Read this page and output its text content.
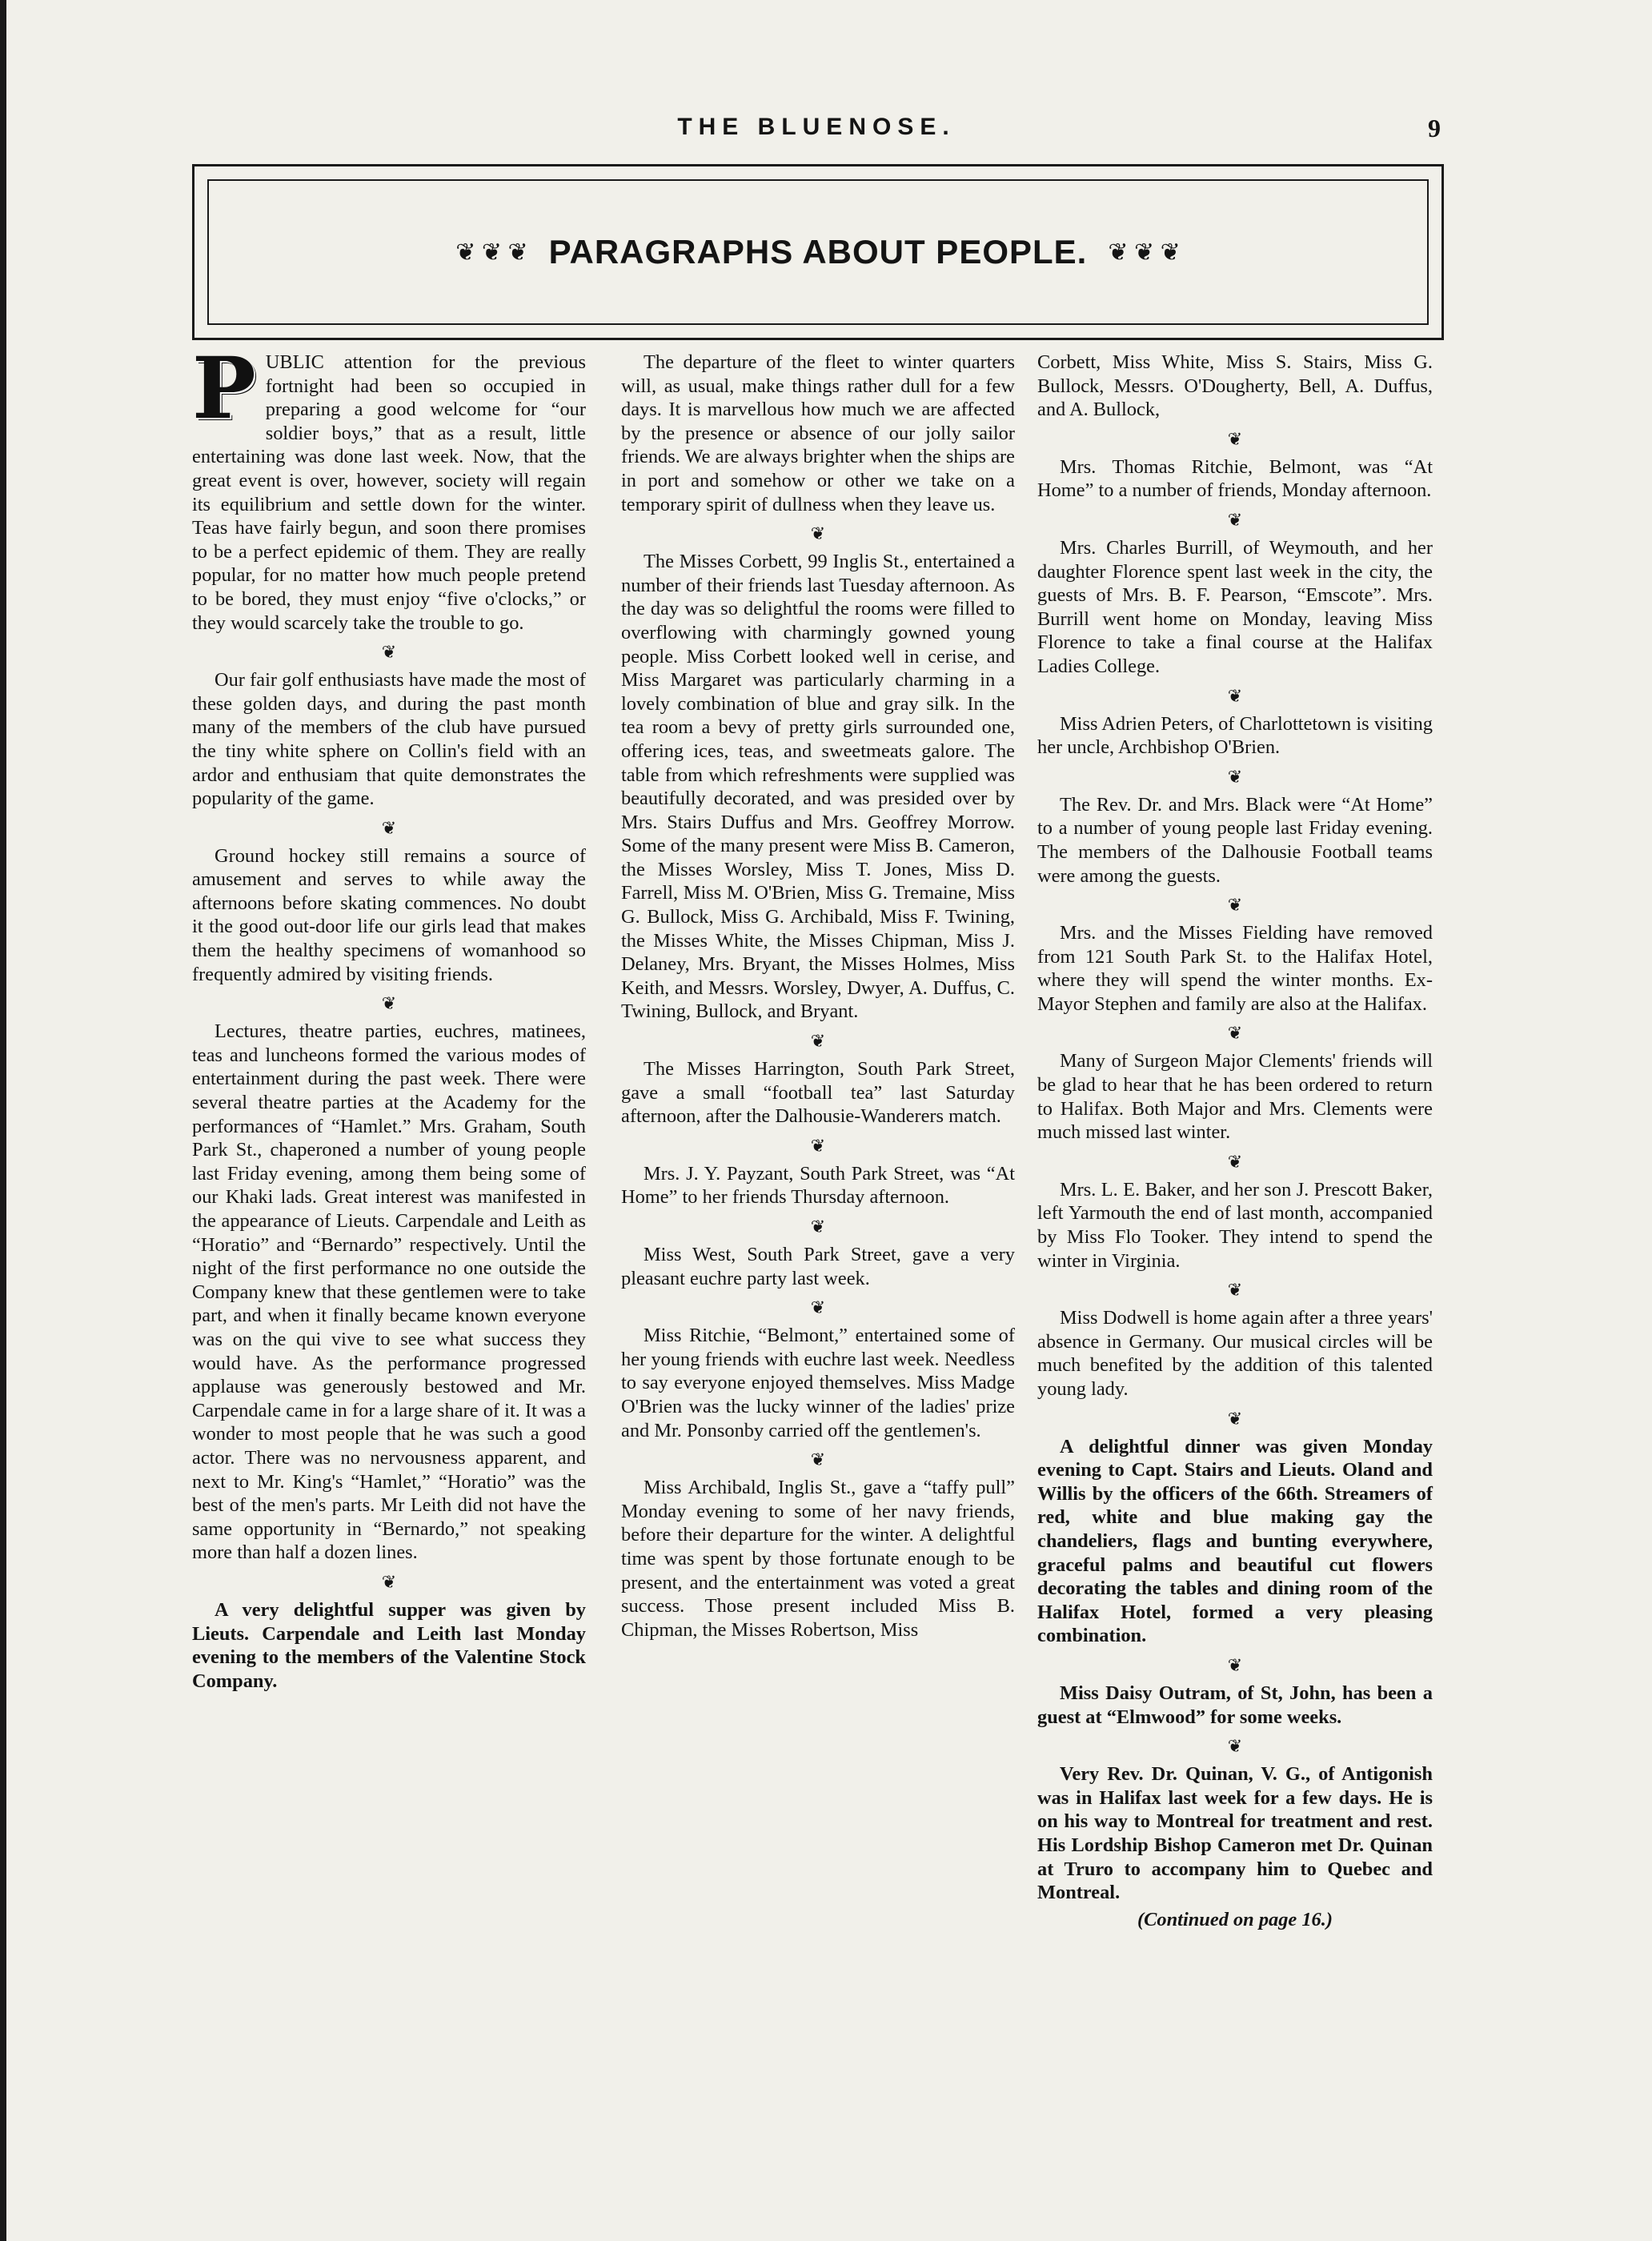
THE BLUENOSE.	9
❦ ❦ ❦ PARAGRAPHS ABOUT PEOPLE. ❦ ❦ ❦

PUBLIC attention for the previous fortnight had been so occupied in preparing a good welcome for “our soldier boys,” that as a result, little entertaining was done last week. Now, that the great event is over, however, society will regain its equilibrium and settle down for the winter. Teas have fairly begun, and soon there promises to be a perfect epidemic of them. They are really popular, for no matter how much people pretend to be bored, they must enjoy “five o'clocks,” or they would scarcely take the trouble to go.

❦

Our fair golf enthusiasts have made the most of these golden days, and during the past month many of the members of the club have pursued the tiny white sphere on Collin's field with an ardor and enthusiam that quite demonstrates the popularity of the game.

❦

Ground hockey still remains a source of amusement and serves to while away the afternoons before skating commences. No doubt it the good out-door life our girls lead that makes them the healthy specimens of womanhood so frequently admired by visiting friends.

❦

Lectures, theatre parties, euchres, matinees, teas and luncheons formed the various modes of entertainment during the past week. There were several theatre parties at the Academy for the performances of “Hamlet.” Mrs. Graham, South Park St., chaperoned a number of young people last Friday evening, among them being some of our Khaki lads. Great interest was manifested in the appearance of Lieuts. Carpendale and Leith as “Horatio” and “Bernardo” respectively. Until the night of the first performance no one outside the Company knew that these gentlemen were to take part, and when it finally became known everyone was on the qui vive to see what success they would have. As the performance progressed applause was generously bestowed and Mr. Carpendale came in for a large share of it. It was a wonder to most people that he was such a good actor. There was no nervousness apparent, and next to Mr. King's “Hamlet,” “Horatio” was the best of the men's parts. Mr Leith did not have the same opportunity in “Bernardo,” not speaking more than half a dozen lines.

❦

A very delightful supper was given by Lieuts. Carpendale and Leith last Monday evening to the members of the Valentine Stock Company.

The departure of the fleet to winter quarters will, as usual, make things rather dull for a few days. It is marvellous how much we are affected by the presence or absence of our jolly sailor friends. We are always brighter when the ships are in port and somehow or other we take on a temporary spirit of dullness when they leave us.

❦

The Misses Corbett, 99 Inglis St., entertained a number of their friends last Tuesday afternoon. As the day was so delightful the rooms were filled to overflowing with charmingly gowned young people. Miss Corbett looked well in cerise, and Miss Margaret was particularly charming in a lovely combination of blue and gray silk. In the tea room a bevy of pretty girls surrounded one, offering ices, teas, and sweetmeats galore. The table from which refreshments were supplied was beautifully decorated, and was presided over by Mrs. Stairs Duffus and Mrs. Geoffrey Morrow. Some of the many present were Miss B. Cameron, the Misses Worsley, Miss T. Jones, Miss D. Farrell, Miss M. O'Brien, Miss G. Tremaine, Miss G. Bullock, Miss G. Archibald, Miss F. Twining, the Misses White, the Misses Chipman, Miss J. Delaney, Mrs. Bryant, the Misses Holmes, Miss Keith, and Messrs. Worsley, Dwyer, A. Duffus, C. Twining, Bullock, and Bryant.

❦

The Misses Harrington, South Park Street, gave a small “football tea” last Saturday afternoon, after the Dalhousie-Wanderers match.

❦

Mrs. J. Y. Payzant, South Park Street, was “At Home” to her friends Thursday afternoon.

❦

Miss West, South Park Street, gave a very pleasant euchre party last week.

❦

Miss Ritchie, “Belmont,” entertained some of her young friends with euchre last week. Needless to say everyone enjoyed themselves. Miss Madge O'Brien was the lucky winner of the ladies' prize and Mr. Ponsonby carried off the gentlemen's.

❦

Miss Archibald, Inglis St., gave a “taffy pull” Monday evening to some of her navy friends, before their departure for the winter. A delightful time was spent by those fortunate enough to be present, and the entertainment was voted a great success. Those present included Miss B. Chipman, the Misses Robertson, Miss

Corbett, Miss White, Miss S. Stairs, Miss G. Bullock, Messrs. O'Dougherty, Bell, A. Duffus, and A. Bullock,

❦

Mrs. Thomas Ritchie, Belmont, was “At Home” to a number of friends, Monday afternoon.

❦

Mrs. Charles Burrill, of Weymouth, and her daughter Florence spent last week in the city, the guests of Mrs. B. F. Pearson, “Emscote”. Mrs. Burrill went home on Monday, leaving Miss Florence to take a final course at the Halifax Ladies College.

❦

Miss Adrien Peters, of Charlottetown is visiting her uncle, Archbishop O'Brien.

❦

The Rev. Dr. and Mrs. Black were “At Home” to a number of young people last Friday evening. The members of the Dalhousie Football teams were among the guests.

❦

Mrs. and the Misses Fielding have removed from 121 South Park St. to the Halifax Hotel, where they will spend the winter months. Ex-Mayor Stephen and family are also at the Halifax.

❦

Many of Surgeon Major Clements' friends will be glad to hear that he has been ordered to return to Halifax. Both Major and Mrs. Clements were much missed last winter.

❦

Mrs. L. E. Baker, and her son J. Prescott Baker, left Yarmouth the end of last month, accompanied by Miss Flo Tooker. They intend to spend the winter in Virginia.

❦

Miss Dodwell is home again after a three years' absence in Germany. Our musical circles will be much benefited by the addition of this talented young lady.

❦

A delightful dinner was given Monday evening to Capt. Stairs and Lieuts. Oland and Willis by the officers of the 66th. Streamers of red, white and blue making gay the chandeliers, flags and bunting everywhere, graceful palms and beautiful cut flowers decorating the tables and dining room of the Halifax Hotel, formed a very pleasing combination.

❦

Miss Daisy Outram, of St, John, has been a guest at “Elmwood” for some weeks.

❦

Very Rev. Dr. Quinan, V. G., of Antigonish was in Halifax last week for a few days. He is on his way to Montreal for treatment and rest. His Lordship Bishop Cameron met Dr. Quinan at Truro to accompany him to Quebec and Montreal.

(Continued on page 16.)
